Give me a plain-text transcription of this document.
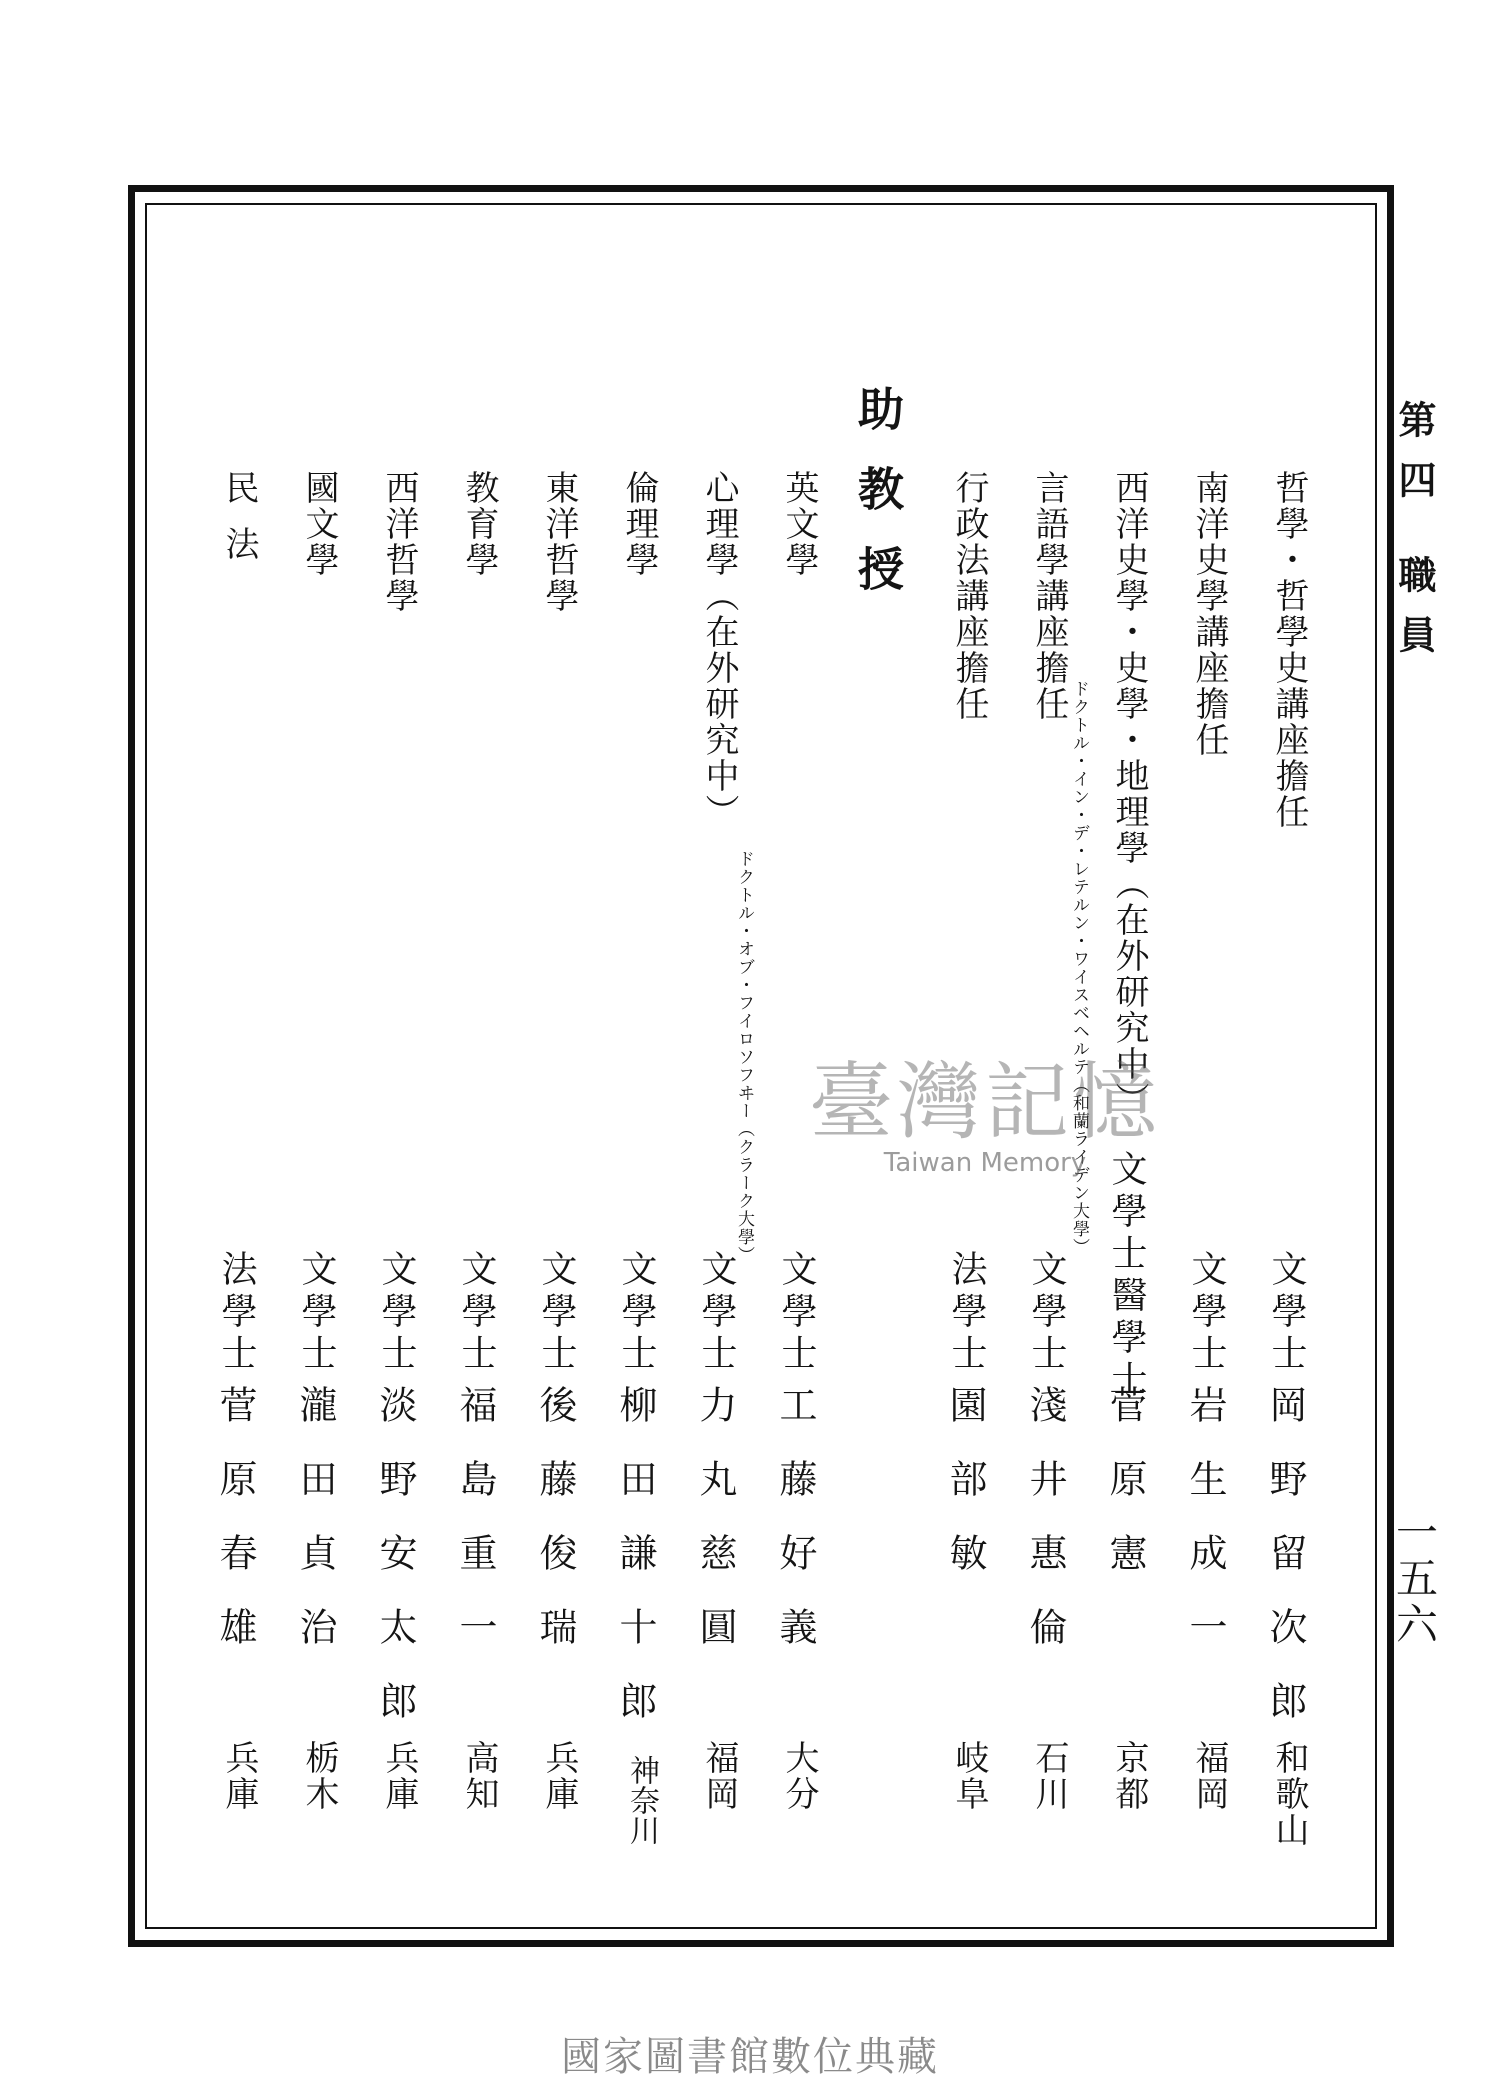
第四 職員
一五六
哲學・哲學史講座擔任
文學士
岡野留次郎
和歌山
南洋史學講座擔任
文學士
岩生成一
福岡
西洋史學・史學・地理學（在外研究中）
文學士醫學士
菅原憲
京都
言語學講座擔任
ドクトル・イン・デ・レテルン・ワイスベヘルテ（和蘭ライデン大學）
文學士
淺井惠倫
石川
行政法講座擔任
法學士
園部敏
岐阜
助教授
英文學
文學士
工藤好義
大分
心理學（在外研究中）
ドクトル・オブ・フイロソフヰー（クラーク大學）
文學士
力丸慈圓
福岡
倫理學
文學士
柳田謙十郎
神奈川
東洋哲學
文學士
後藤俊瑞
兵庫
教育學
文學士
福島重一
高知
西洋哲學
文學士
淡野安太郎
兵庫
國文學
文學士
瀧田貞治
栃木
民法
法學士
菅原春雄
兵庫
臺灣記憶
Taiwan Memory
國家圖書館數位典藏
